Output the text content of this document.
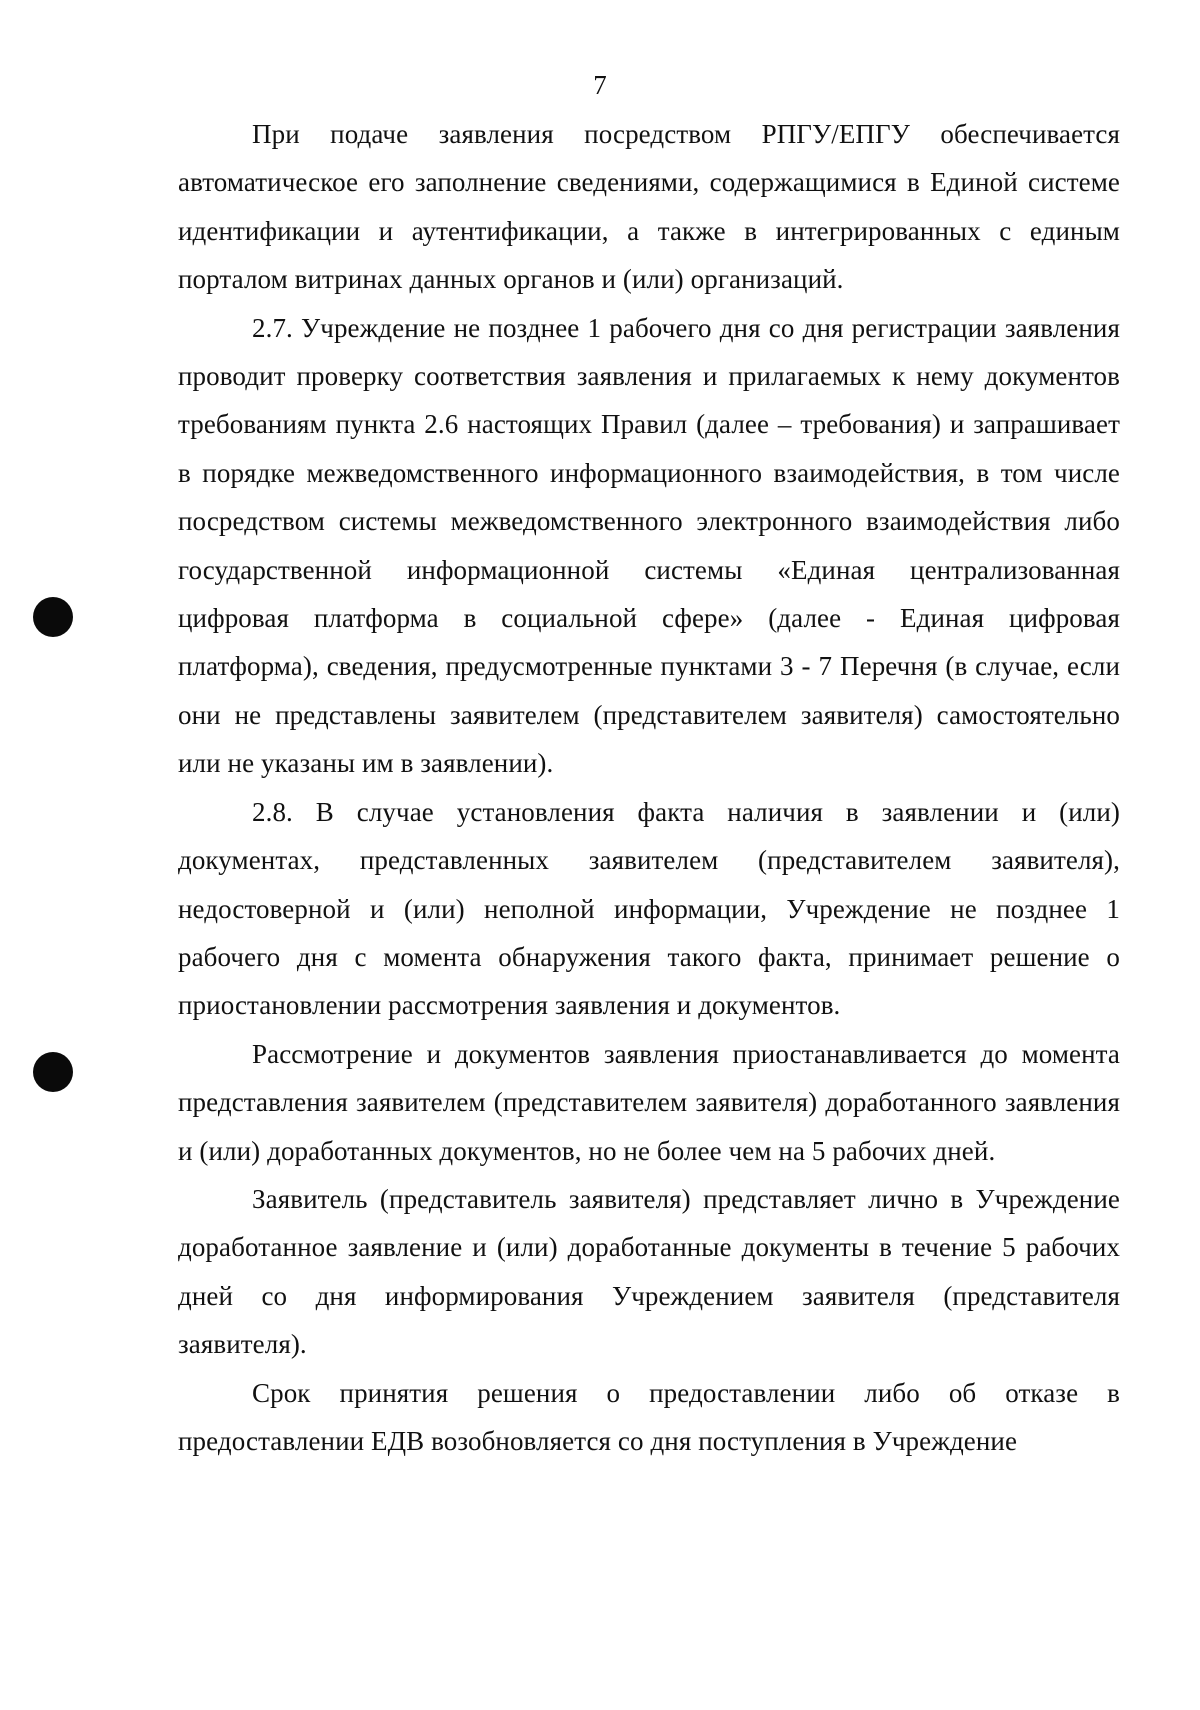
7

При подаче заявления посредством РПГУ/ЕПГУ обеспечивается автоматическое его заполнение сведениями, содержащимися в Единой системе идентификации и аутентификации, а также в интегрированных с единым порталом витринах данных органов и (или) организаций.

2.7. Учреждение не позднее 1 рабочего дня со дня регистрации заявления проводит проверку соответствия заявления и прилагаемых к нему документов требованиям пункта 2.6 настоящих Правил (далее – требования) и запрашивает в порядке межведомственного информационного взаимодействия, в том числе посредством системы межведомственного электронного взаимодействия либо государственной информационной системы «Единая централизованная цифровая платформа в социальной сфере» (далее - Единая цифровая платформа), сведения, предусмотренные пунктами 3 - 7 Перечня (в случае, если они не представлены заявителем (представителем заявителя) самостоятельно или не указаны им в заявлении).

2.8. В случае установления факта наличия в заявлении и (или) документах, представленных заявителем (представителем заявителя), недостоверной и (или) неполной информации, Учреждение не позднее 1 рабочего дня с момента обнаружения такого факта, принимает решение о приостановлении рассмотрения заявления и документов.

Рассмотрение и документов заявления приостанавливается до момента представления заявителем (представителем заявителя) доработанного заявления и (или) доработанных документов, но не более чем на 5 рабочих дней.

Заявитель (представитель заявителя) представляет лично в Учреждение доработанное заявление и (или) доработанные документы в течение 5 рабочих дней со дня информирования Учреждением заявителя (представителя заявителя).

Срок принятия решения о предоставлении либо об отказе в предоставлении ЕДВ возобновляется со дня поступления в Учреждение
